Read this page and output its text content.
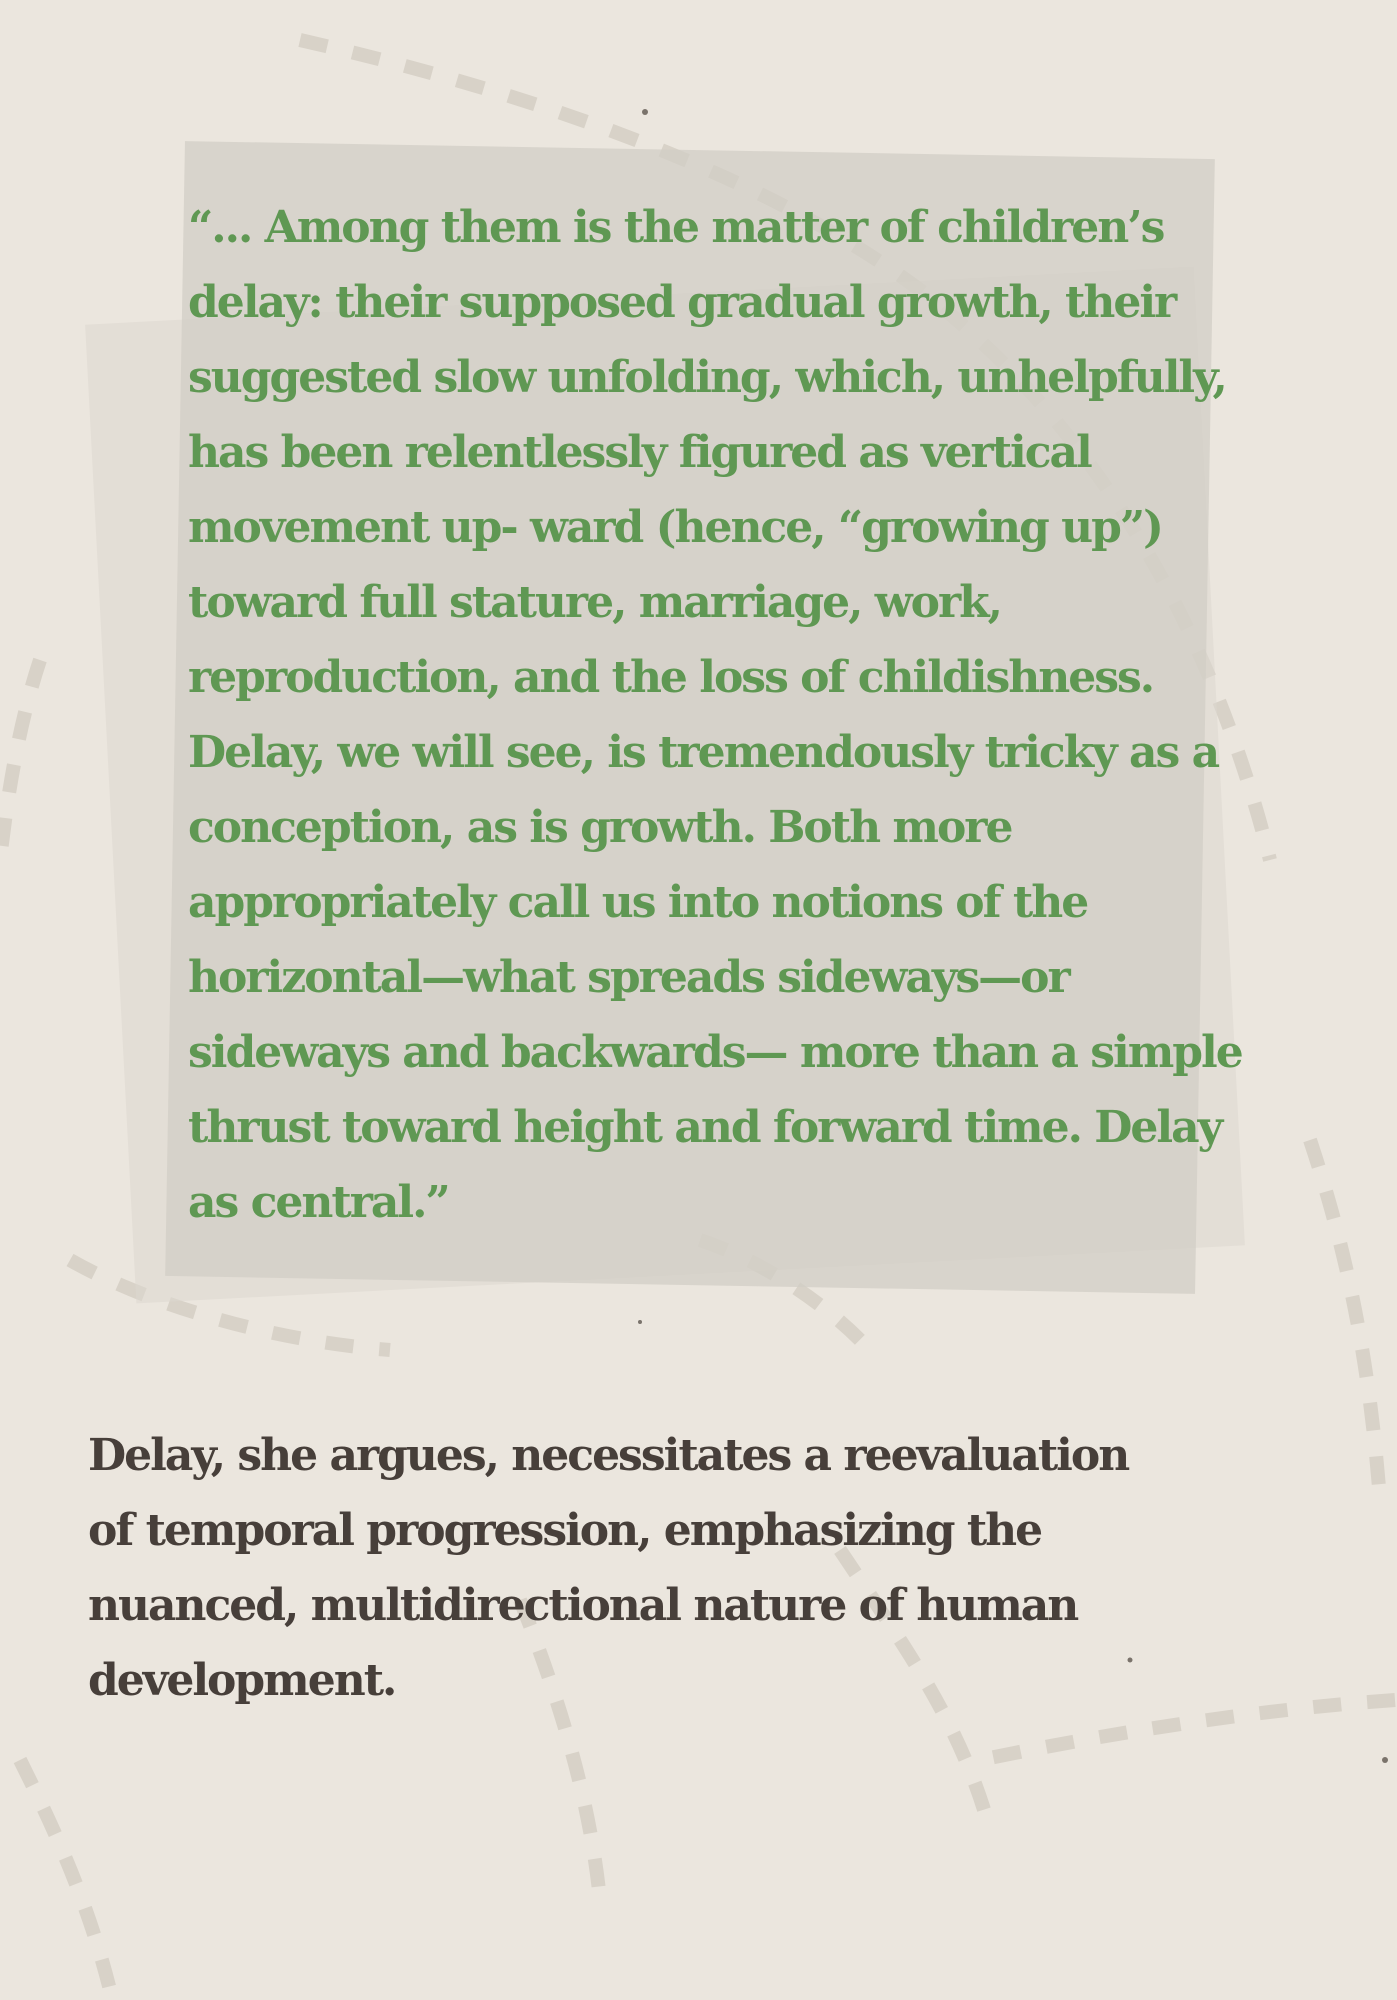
“... Among them is the matter of children’s
delay: their supposed gradual growth, their
suggested slow unfolding, which, unhelpfully,
has been relentlessly figured as vertical
movement up- ward (hence, “growing up”)
toward full stature, marriage, work,
reproduction, and the loss of childishness.
Delay, we will see, is tremendously tricky as a
conception, as is growth. Both more
appropriately call us into notions of the
horizontal—what spreads sideways—or
sideways and backwards— more than a simple
thrust toward height and forward time. Delay
as central.”
Delay, she argues, necessitates a reevaluation
of temporal progression, emphasizing the
nuanced, multidirectional nature of human
development.
